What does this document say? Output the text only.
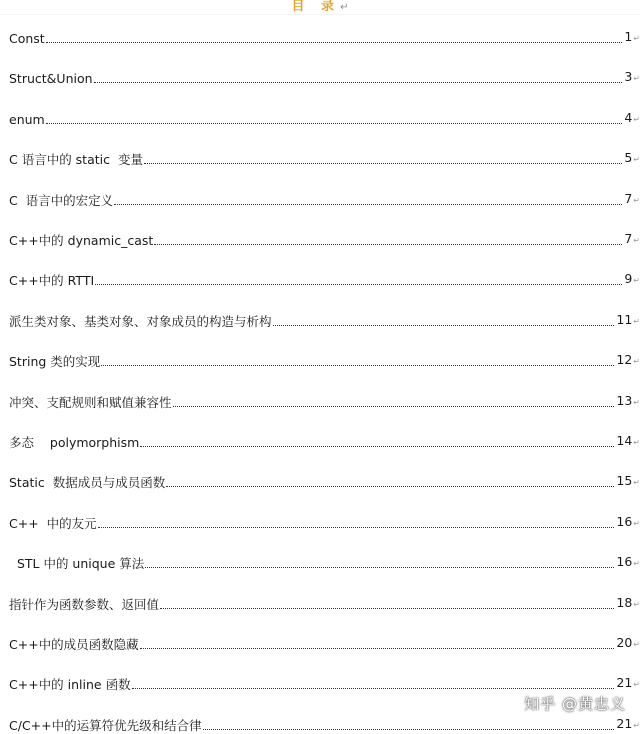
目 录↵
Const	1 ↵
Struct&Union	3 ↵
enum	4 ↵
C 语言中的 static  变量	5 ↵
C  语言中的宏定义	7 ↵
C++中的 dynamic_cast	7 ↵
C++中的 RTTI	9 ↵
派生类对象、基类对象、对象成员的构造与析构	11 ↵
String 类的实现	12 ↵
冲突、支配规则和赋值兼容性	13 ↵
多态    polymorphism	14 ↵
Static  数据成员与成员函数	15 ↵
C++  中的友元	16 ↵
STL 中的 unique 算法	16 ↵
指针作为函数参数、返回值	18 ↵
C++中的成员函数隐藏	20 ↵
C++中的 inline 函数	21 ↵
C/C++中的运算符优先级和结合律	21 ↵
知乎 @黄忠义
